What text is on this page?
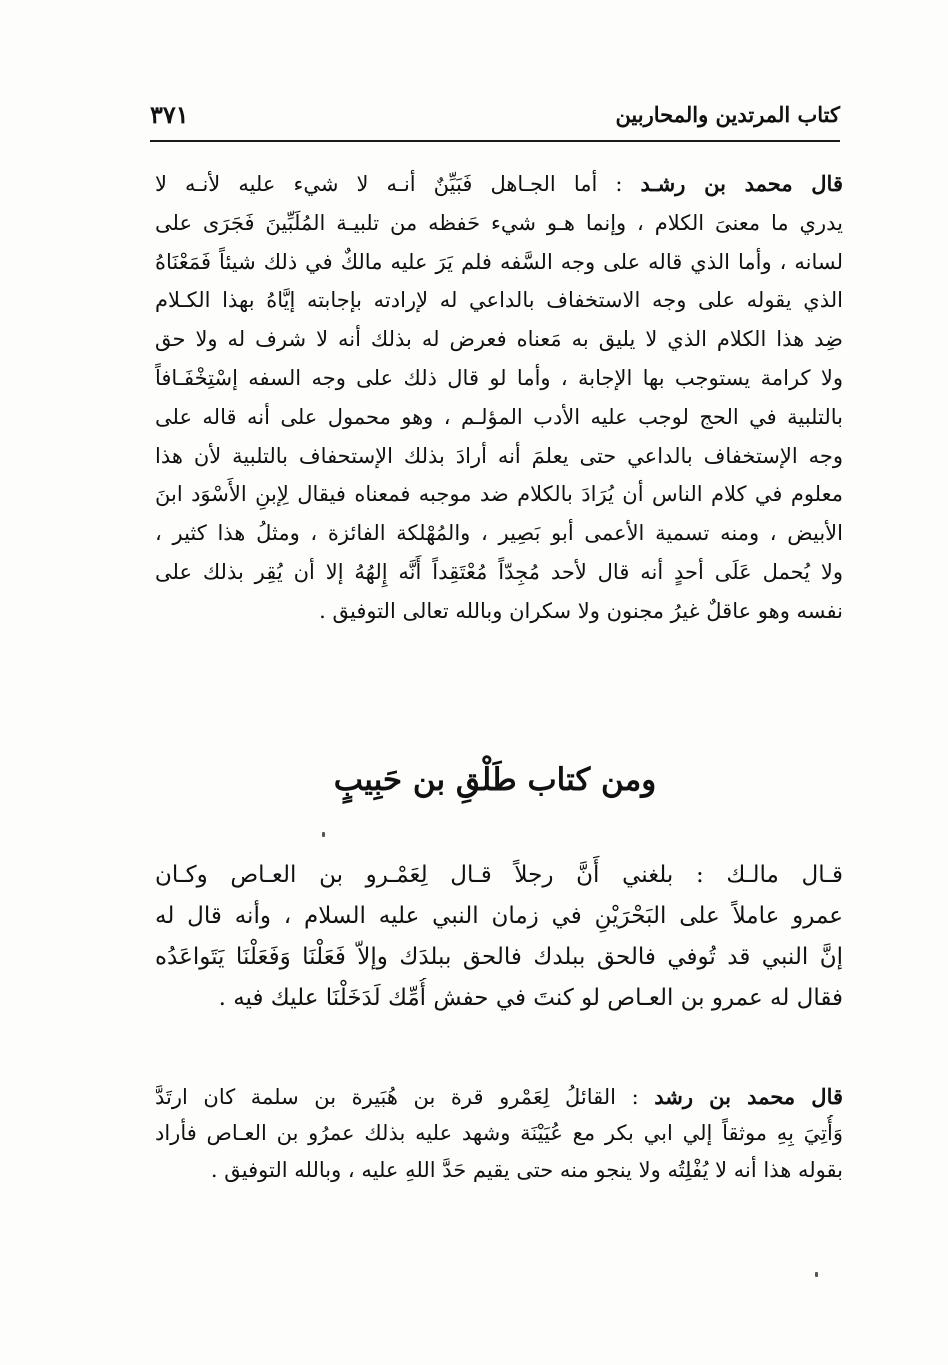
كتاب المرتدين والمحاربين
٣٧١
قال محمد بن رشـد : أما الجـاهل فَبَيِّنٌ أنـه لا شيء عليه لأنـه لا
يدري ما معنىَ الكلام ، وإنما هـو شيء حَفظه من تلبيـة المُلَبِّينَ فَجَرَى على
لسانه ، وأما الذي قاله على وجه السَّفه فلم يَرَ عليه مالكٌ في ذلك شيئاً فَمَعْنَاهُ
الذي يقوله على وجه الاستخفاف بالداعي له لإرادته بإجابته إيَّاهُ بهذا الكـلام
ضِد هذا الكلام الذي لا يليق به مَعناه فعرض له بذلك أنه لا شرف له ولا حق
ولا كرامة يستوجب بها الإجابة ، وأما لو قال ذلك على وجه السفه إسْتِخْفَـافاً
بالتلبية في الحج لوجب عليه الأدب المؤلـم ، وهو محمول على أنه قاله على
وجه الإستخفاف بالداعي حتى يعلمَ أنه أرادَ بذلك الإستحفاف بالتلبية لأن هذا
معلوم في كلام الناس أن يُرَادَ بالكلام ضد موجبه فمعناه فيقال لِإبنِ الأَسْوَد ابنَ
الأبيض ، ومنه تسمية الأعمى أبو بَصِير ، والمُهْلكة الفائزة ، ومثلُ هذا كثير ،
ولا يُحمل عَلَى أحدٍ أنه قال لأحد مُجِدّاً مُعْتَقِداً أَنَّه إِلهُهُ إلا أن يُقِر بذلك على
نفسه وهو عاقلٌ غيرُ مجنون ولا سكران وبالله تعالى التوفيق .
ومن كتاب طَلْقِ بن حَبِيبٍ
قـال مالـك : بلغني أَنَّ رجلاً قـال لِعَمْـرو بن العـاص وكـان
عمرو عاملاً على البَحْرَيْنِ في زمان النبي عليه السلام ، وأنه قال له
إنَّ النبي قد تُوفي فالحق ببلدك فالحق ببلدَك وإلاّ فَعَلْنَا وَفَعَلْنَا يَتَواعَدُه
فقال له عمرو بن العـاص لو كنتَ في حفش أُمِّك لَدَخَلْنَا عليك فيه .
قال محمد بن رشد : القائلُ لِعَمْرو قرة بن هُبَيرة بن سلمة كان ارتَدَّ
وَأُتِيَ بِهِ موثقاً إلي ابي بكر مع عُيَيْنَة وشهد عليه بذلك عمرُو بن العـاص فأراد
بقوله هذا أنه لا يُفْلِتُه ولا ينجو منه حتى يقيم حَدَّ اللهِ عليه ، وبالله التوفيق .
